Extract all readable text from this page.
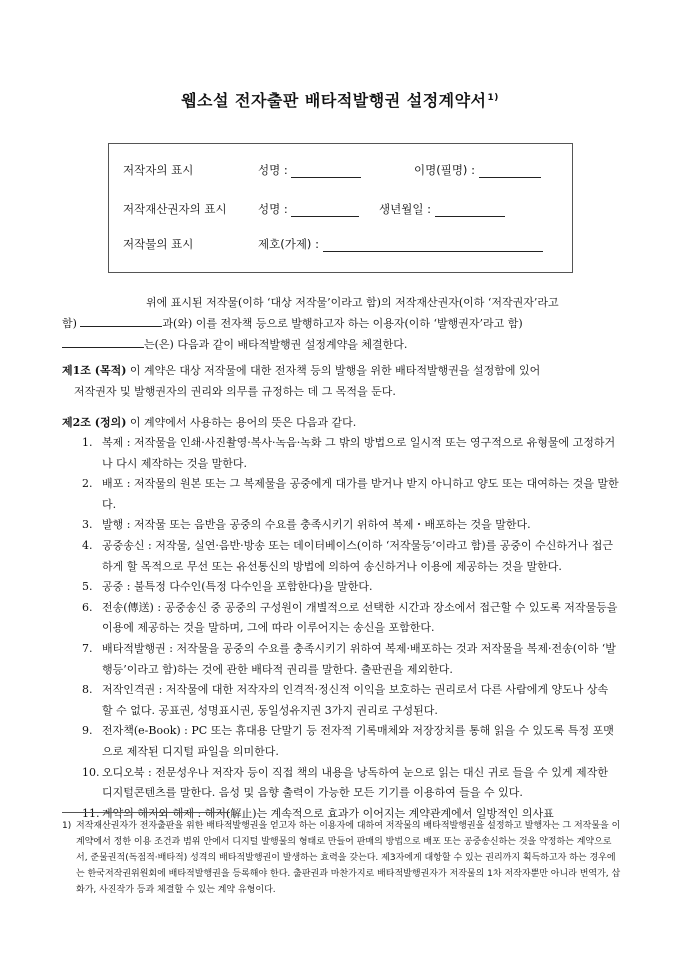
웹소설 전자출판 배타적발행권 설정계약서$^{1)}$
저작자의 표시	성명 :	이명(필명) :
저작재산권자의 표시	성명 :	생년월일 :
저작물의 표시	제호(가제) :

위에 표시된 저작물(이하 ‘대상 저작물’이라고 함)의 저작재산권자(이하 ‘저작권자’라고

함)	과(와) 이를 전자책 등으로 발행하고자 하는 이용자(이하 ‘발행권자’라고 함)

는(은) 다음과 같이 배타적발행권 설정계약을 체결한다.

제1조 (목적) 이 계약은 대상 저작물에 대한 전자책 등의 발행을 위한 배타적발행권을 설정함에 있어
저작권자 및 발행권자의 권리와 의무를 규정하는 데 그 목적을 둔다.
제2조 (정의) 이 계약에서 사용하는 용어의 뜻은 다음과 같다.
1. 복제 : 저작물을 인쇄·사진촬영·복사·녹음·녹화 그 밖의 방법으로 일시적 또는 영구적으로 유형물에 고정하거나 다시 제작하는 것을 말한다.
2. 배포 : 저작물의 원본 또는 그 복제물을 공중에게 대가를 받거나 받지 아니하고 양도 또는 대여하는 것을 말한다.
3. 발행 : 저작물 또는 음반을 공중의 수요를 충족시키기 위하여 복제・배포하는 것을 말한다.
4. 공중송신 : 저작물, 실연·음반·방송 또는 데이터베이스(이하 ‘저작물등’이라고 함)를 공중이 수신하거나 접근하게 할 목적으로 무선 또는 유선통신의 방법에 의하여 송신하거나 이용에 제공하는 것을 말한다.
5. 공중 : 불특정 다수인(특정 다수인을 포함한다)을 말한다.
6. 전송(傳送) : 공중송신 중 공중의 구성원이 개별적으로 선택한 시간과 장소에서 접근할 수 있도록 저작물등을 이용에 제공하는 것을 말하며, 그에 따라 이루어지는 송신을 포함한다.
7. 배타적발행권 : 저작물을 공중의 수요를 충족시키기 위하여 복제·배포하는 것과 저작물을 복제·전송(이하 ‘발행등’이라고 함)하는 것에 관한 배타적 권리를 말한다. 출판권을 제외한다.
8. 저작인격권 : 저작물에 대한 저작자의 인격적·정신적 이익을 보호하는 권리로서 다른 사람에게 양도나 상속 할 수 없다. 공표권, 성명표시권, 동일성유지권 3가지 권리로 구성된다.
9. 전자책(e-Book) : PC 또는 휴대용 단말기 등 전자적 기록매체와 저장장치를 통해 읽을 수 있도록 특정 포맷으로 제작된 디지털 파일을 의미한다.
10. 오디오북 : 전문성우나 저작자 등이 직접 책의 내용을 낭독하여 눈으로 읽는 대신 귀로 들을 수 있게 제작한 디지털콘텐츠를 말한다. 음성 및 음향 출력이 가능한 모든 기기를 이용하여 들을 수 있다.
11. 계약의 해지와 해제 : 해지(解止)는 계속적으로 효과가 이어지는 계약관계에서 일방적인 의사표
1) 저작재산권자가 전자출판을 위한 배타적발행권을 얻고자 하는 이용자에 대하여 저작물의 배타적발행권을 설정하고 발행자는 그 저작물을 이 계약에서 정한 이용 조건과 범위 안에서 디지털 발행물의 형태로 만들어 판매의 방법으로 배포 또는 공중송신하는 것을 약정하는 계약으로서, 준물권적(독점적·배타적) 성격의 배타적발행권이 발생하는 효력을 갖는다. 제3자에게 대항할 수 있는 권리까지 획득하고자 하는 경우에는 한국저작권위원회에 배타적발행권을 등록해야 한다. 출판권과 마찬가지로 배타적발행권자가 저작물의 1차 저작자뿐만 아니라 번역가, 삽화가, 사진작가 등과 체결할 수 있는 계약 유형이다.
